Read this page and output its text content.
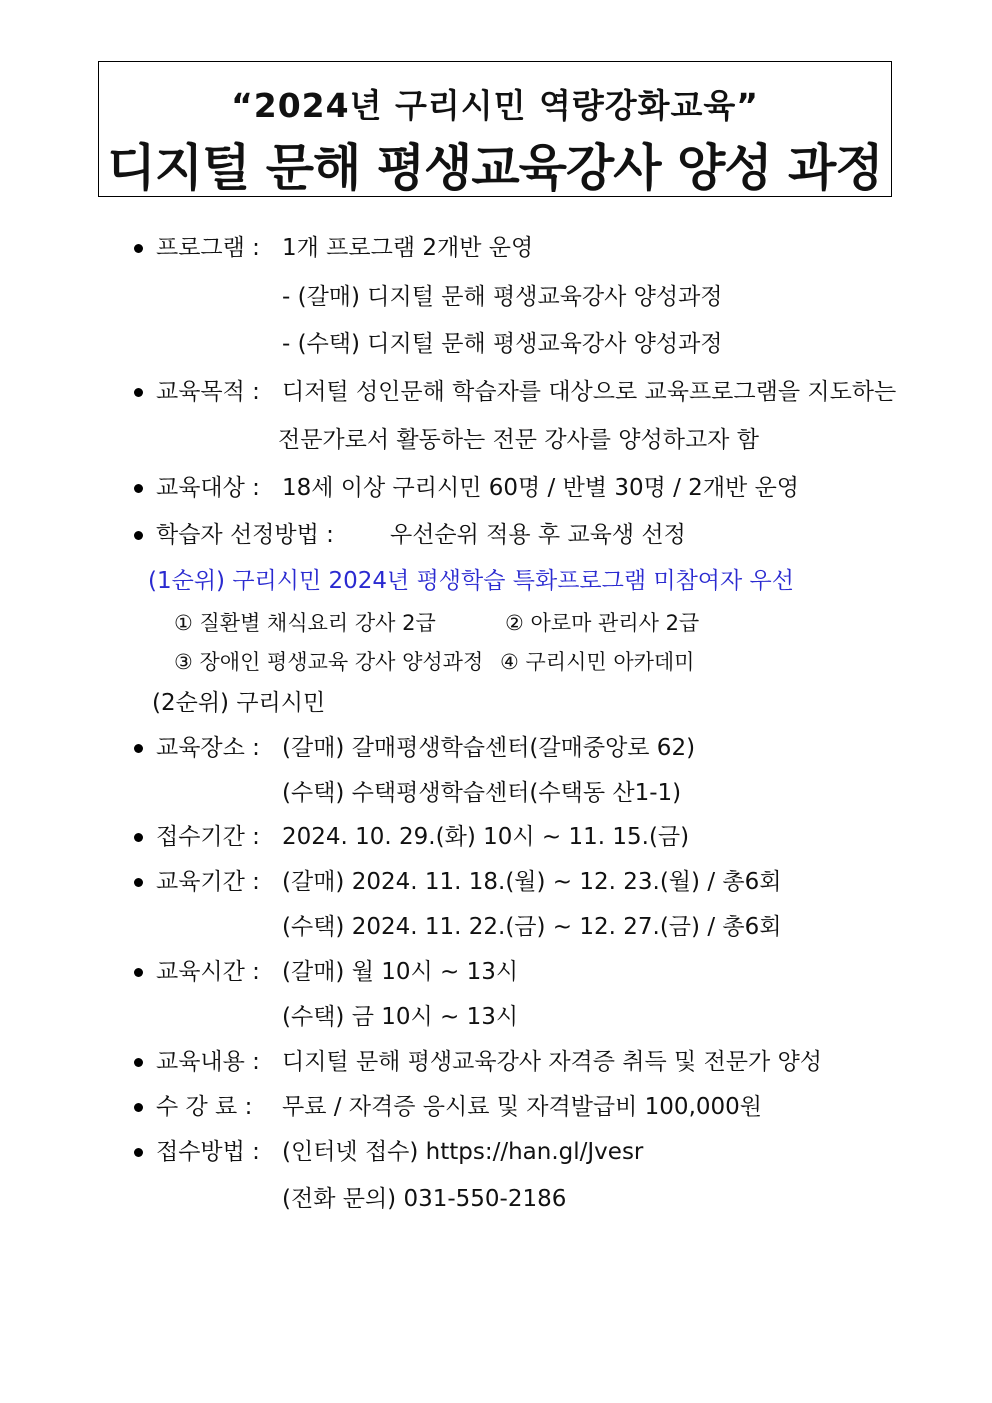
“2024년 구리시민 역량강화교육”
디지털 문해 평생교육강사 양성 과정
프로그램 : 1개 프로그램 2개반 운영
- (갈매) 디지털 문해 평생교육강사 양성과정
- (수택) 디지털 문해 평생교육강사 양성과정
교육목적 : 디저털 성인문해 학습자를 대상으로 교육프로그램을 지도하는
전문가로서 활동하는 전문 강사를 양성하고자 함
교육대상 : 18세 이상 구리시민 60명 / 반별 30명 / 2개반 운영
학습자 선정방법 : 우선순위 적용 후 교육생 선정
(1순위) 구리시민 2024년 평생학습 특화프로그램 미참여자 우선
① 질환별 채식요리 강사 2급	② 아로마 관리사 2급
③ 장애인 평생교육 강사 양성과정 ④ 구리시민 아카데미
(2순위) 구리시민
교육장소 : (갈매) 갈매평생학습센터(갈매중앙로 62)
(수택) 수택평생학습센터(수택동 산1-1)
접수기간 : 2024. 10. 29.(화) 10시 ~ 11. 15.(금)
교육기간 : (갈매) 2024. 11. 18.(월) ~ 12. 23.(월) / 총6회
(수택) 2024. 11. 22.(금) ~ 12. 27.(금) / 총6회
교육시간 : (갈매) 월 10시 ~ 13시
(수택) 금 10시 ~ 13시
교육내용 : 디지털 문해 평생교육강사 자격증 취득 및 전문가 양성
수 강 료 : 무료 / 자격증 응시료 및 자격발급비 100,000원
접수방법 : (인터넷 접수) https://han.gl/Jvesr
(전화 문의) 031-550-2186
